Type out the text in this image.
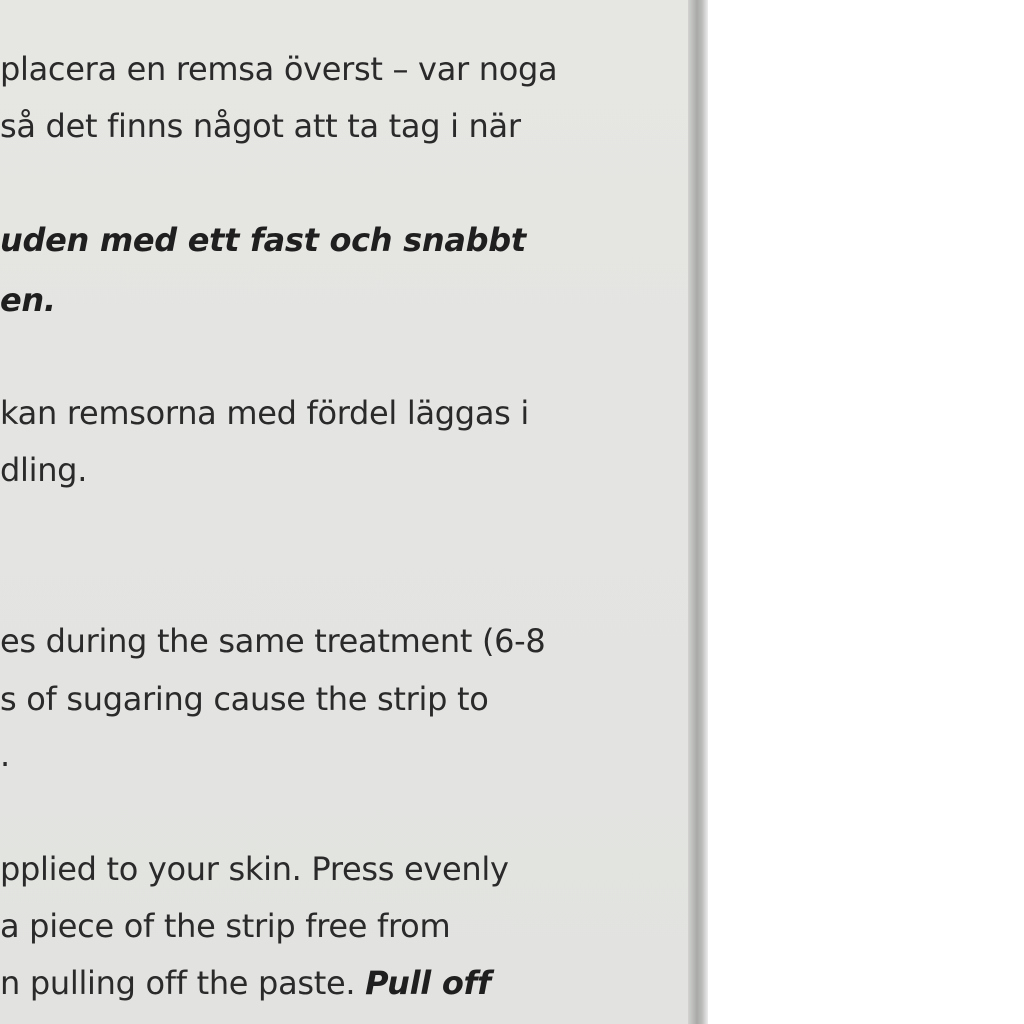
placera en remsa överst – var noga
så det finns något att ta tag i när
uden med ett fast och snabbt
en.
kan remsorna med fördel läggas i
dling.
es during the same treatment (6-8
s of sugaring cause the strip to
.
pplied to your skin. Press evenly
a piece of the strip free from
n pulling off the paste. Pull off
